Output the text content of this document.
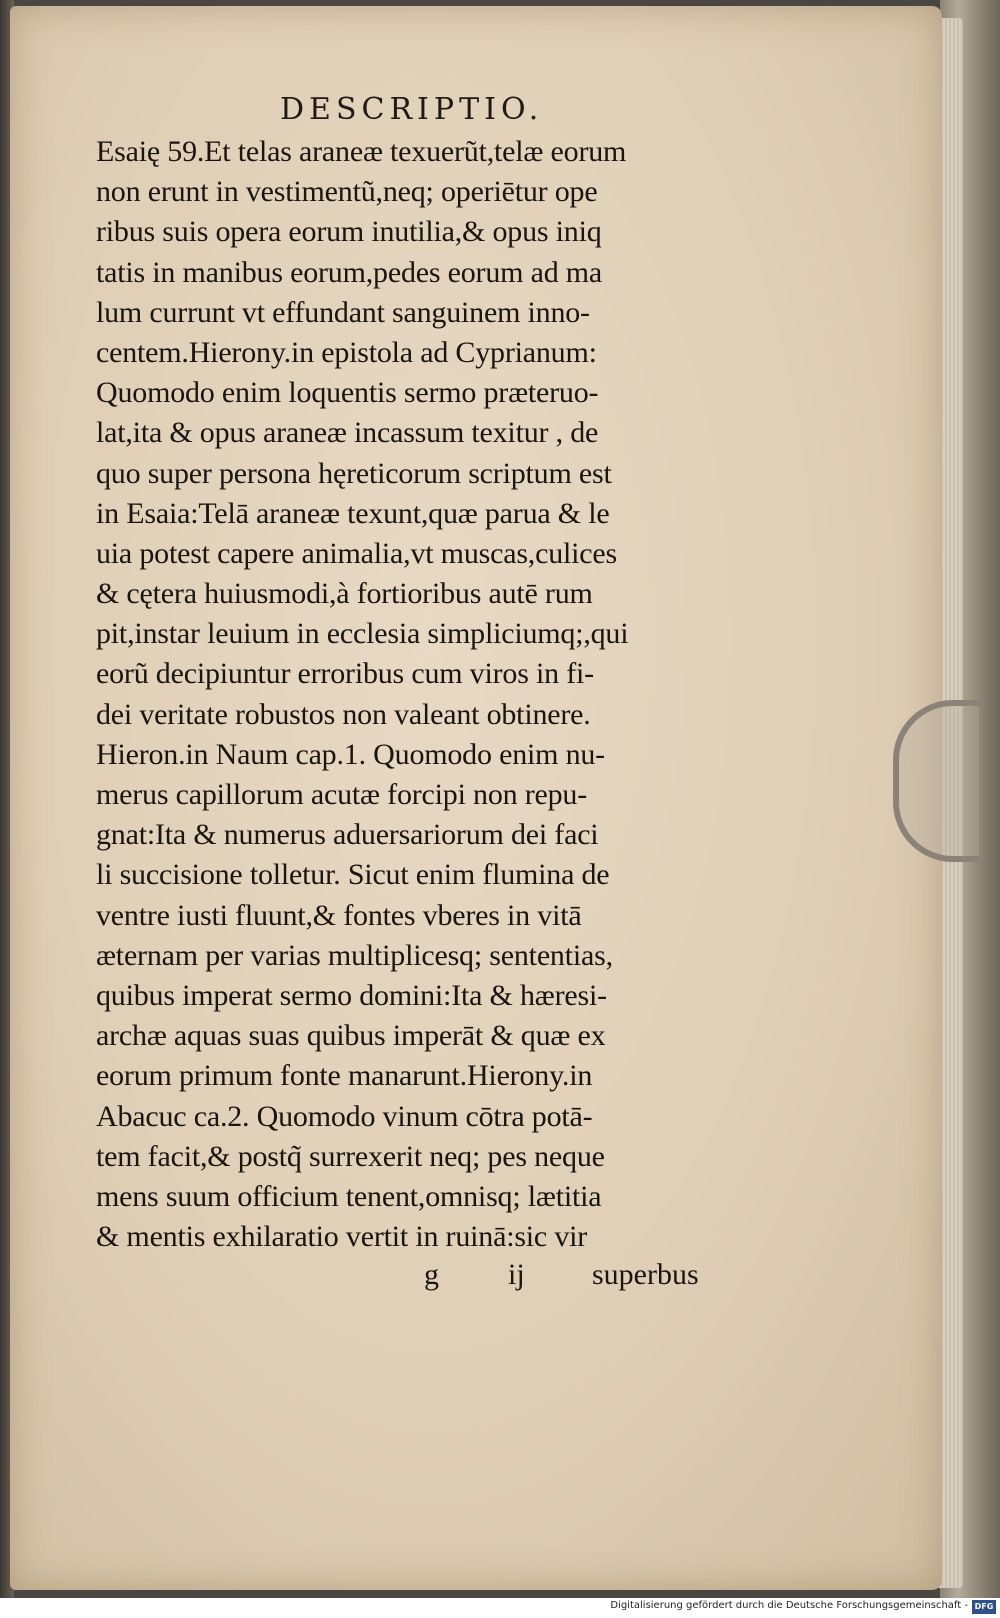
DESCRIPTIO.
Esaię 59.Et telas araneæ texuerũt,telæ eorum
non erunt in vestimentũ,neq; operiētur ope
ribus suis opera eorum inutilia,& opus iniq
tatis in manibus eorum,pedes eorum ad ma
lum currunt vt effundant sanguinem inno-
centem.Hierony.in epistola ad Cyprianum:
Quomodo enim loquentis sermo præteruo-
lat,ita & opus araneæ incassum texitur , de
quo super persona hęreticorum scriptum est
in Esaia:Telā araneæ texunt,quæ parua & le
uia potest capere animalia,vt muscas,culices
& cętera huiusmodi,à fortioribus autē rum
pit,instar leuium in ecclesia simpliciumq;,qui
eorũ decipiuntur erroribus cum viros in fi-
dei veritate robustos non valeant obtinere.
Hieron.in Naum cap.1. Quomodo enim nu-
merus capillorum acutæ forcipi non repu-
gnat:Ita & numerus aduersariorum dei faci
li succisione tolletur. Sicut enim flumina de
ventre iusti fluunt,& fontes vberes in vitā
æternam per varias multiplicesq; sententias,
quibus imperat sermo domini:Ita & hæresi-
archæ aquas suas quibus imperāt & quæ ex
eorum primum fonte manarunt.Hierony.in
Abacuc ca.2. Quomodo vinum cōtra potā-
tem facit,& postq̃ surrexerit neq; pes neque
mens suum officium tenent,omnisq; lætitia
& mentis exhilaratio vertit in ruinā:sic vir
g ij superbus
Digitalisierung gefördert durch die Deutsche Forschungsgemeinschaft - DFG
